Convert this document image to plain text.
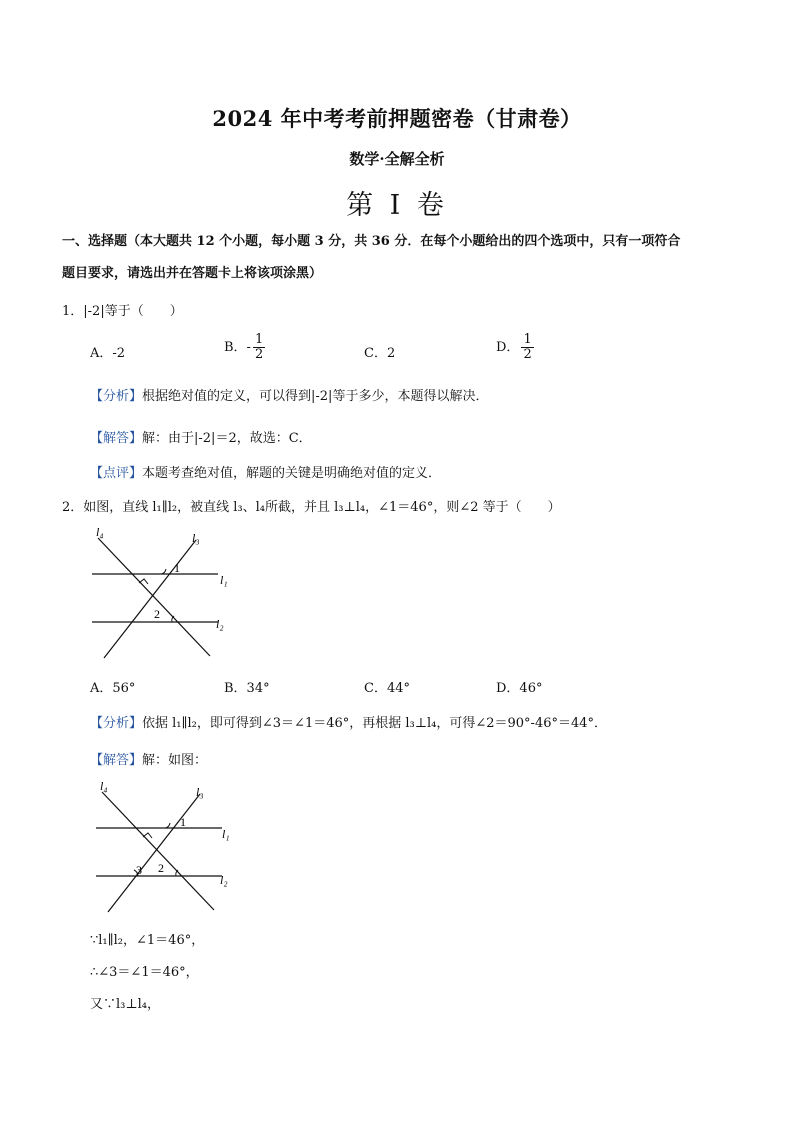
2024 年中考考前押题密卷（甘肃卷）
数学·全解全析
第 I 卷
一、选择题（本大题共 12 个小题，每小题 3 分，共 36 分．在每个小题给出的四个选项中，只有一项符合
题目要求，请选出并在答题卡上将该项涂黑）
1．|-2|等于（　　）
A．-2	B．- $\frac{1}{2}$	C．2	D． $\frac{1}{2}$
【分析】根据绝对值的定义，可以得到|-2|等于多少，本题得以解决．
【解答】解：由于|-2|＝2，故选：C．
【点评】本题考查绝对值，解题的关键是明确绝对值的定义．
2．如图，直线 l₁∥l₂，被直线 l₃、l₄所截，并且 l₃⊥l₄，∠1＝46°，则∠2 等于（　　）
l₄	l₃
l₁
l₂
1
2
A．56°	B．34°	C．44°	D．46°
【分析】依据 l₁∥l₂，即可得到∠3＝∠1＝46°，再根据 l₃⊥l₄，可得∠2＝90°-46°＝44°．
【解答】解：如图：
l₄	l₃
l₁
l₂
1
2
3
∵l₁∥l₂，∠1＝46°，
∴∠3＝∠1＝46°，
又∵l₃⊥l₄，
